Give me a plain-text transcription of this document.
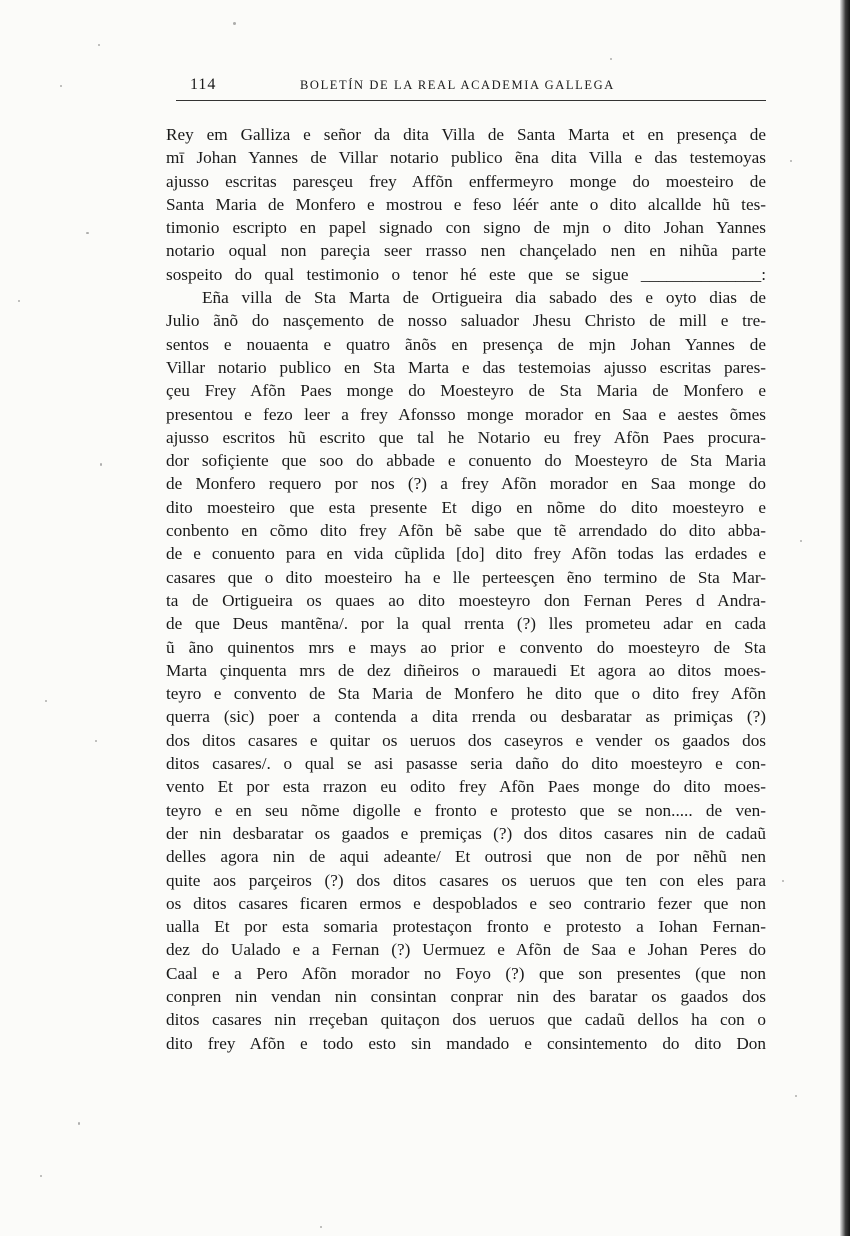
114	BOLETÍN DE LA REAL ACADEMIA GALLEGA
Rey em Galliza e señor da dita Villa de Santa Marta et en presença de
mī Johan Yannes de Villar notario publico ẽna dita Villa e das testemoyas
ajusso escritas paresçeu frey Affõn enffermeyro monge do moesteiro de
Santa Maria de Monfero e mostrou e feso léér ante o dito alcallde hũ tes-
timonio escripto en papel signado con signo de mjn o dito Johan Yannes
notario oqual non pareçia seer rrasso nen chançelado nen en nihũa parte
sospeito do qual testimonio o tenor hé este que se sigue ______________:
Eña villa de Sta Marta de Ortigueira dia sabado des e oyto dias de
Julio ãnõ do nasçemento de nosso saluador Jhesu Christo de mill e tre-
sentos e nouaenta e quatro ãnõs en presença de mjn Johan Yannes de
Villar notario publico en Sta Marta e das testemoias ajusso escritas pares-
çeu Frey Afõn Paes monge do Moesteyro de Sta Maria de Monfero e
presentou e fezo leer a frey Afonsso monge morador en Saa e aestes õmes
ajusso escritos hũ escrito que tal he Notario eu frey Afõn Paes procura-
dor sofiçiente que soo do abbade e conuento do Moesteyro de Sta Maria
de Monfero requero por nos (?) a frey Afõn morador en Saa monge do
dito moesteiro que esta presente Et digo en nõme do dito moesteyro e
conbento en cõmo dito frey Afõn bẽ sabe que tẽ arrendado do dito abba-
de e conuento para en vida cũplida [do] dito frey Afõn todas las erdades e
casares que o dito moesteiro ha e lle perteesçen ẽno termino de Sta Mar-
ta de Ortigueira os quaes ao dito moesteyro don Fernan Peres d Andra-
de que Deus mantẽna/. por la qual rrenta (?) lles prometeu adar en cada
ũ ãno quinentos mrs e mays ao prior e convento do moesteyro de Sta
Marta çinquenta mrs de dez diñeiros o marauedi Et agora ao ditos moes-
teyro e convento de Sta Maria de Monfero he dito que o dito frey Afõn
querra (sic) poer a contenda a dita rrenda ou desbaratar as primiças (?)
dos ditos casares e quitar os ueruos dos caseyros e vender os gaados dos
ditos casares/. o qual se asi pasasse seria daño do dito moesteyro e con-
vento Et por esta rrazon eu odito frey Afõn Paes monge do dito moes-
teyro e en seu nõme digolle e fronto e protesto que se non..... de ven-
der nin desbaratar os gaados e premiças (?) dos ditos casares nin de cadaũ
delles agora nin de aqui adeante/ Et outrosi que non de por nẽhũ nen
quite aos parçeiros (?) dos ditos casares os ueruos que ten con eles para
os ditos casares ficaren ermos e despoblados e seo contrario fezer que non
ualla Et por esta somaria protestaçon fronto e protesto a Iohan Fernan-
dez do Ualado e a Fernan (?) Uermuez e Afõn de Saa e Johan Peres do
Caal e a Pero Afõn morador no Foyo (?) que son presentes (que non
conpren nin vendan nin consintan conprar nin des baratar os gaados dos
ditos casares nin rreçeban quitaçon dos ueruos que cadaũ dellos ha con o
dito frey Afõn e todo esto sin mandado e consintemento do dito Don
